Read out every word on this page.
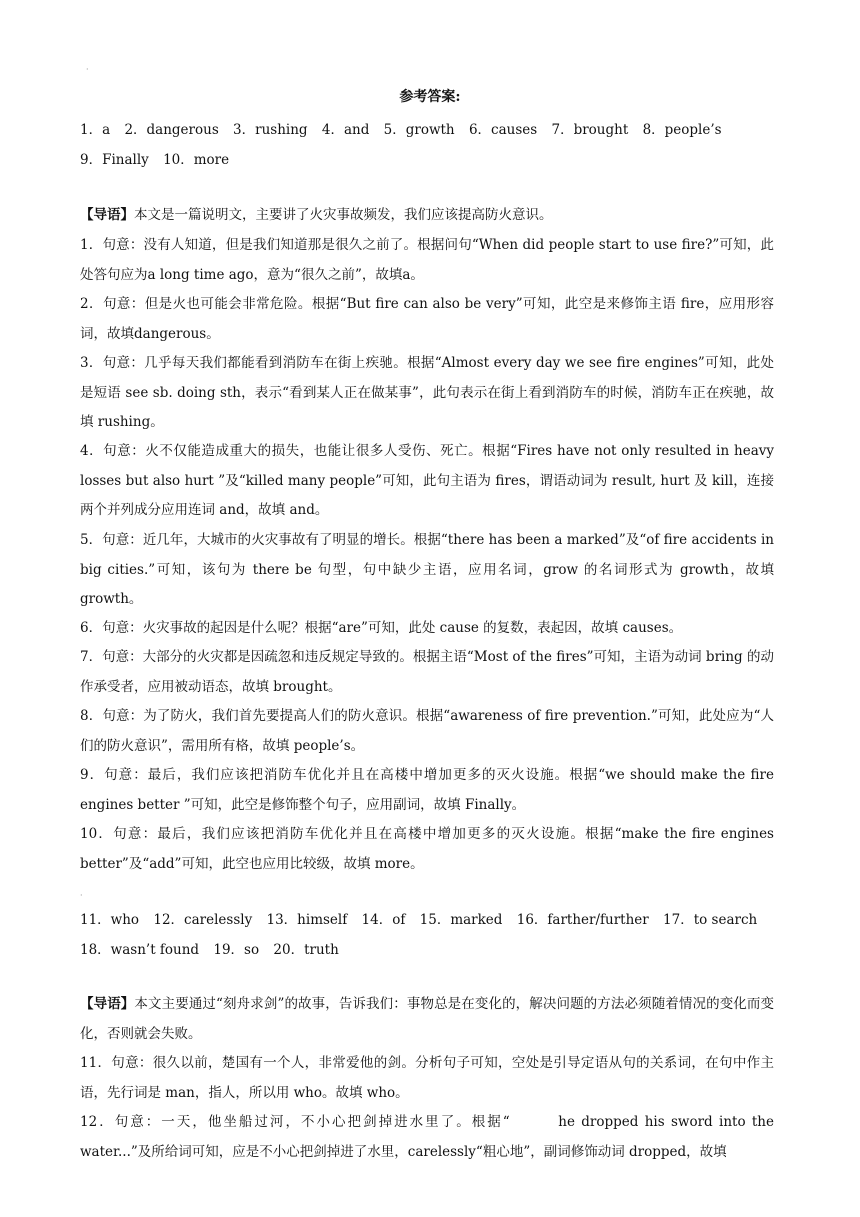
·
参考答案:
1．a 2．dangerous 3．rushing 4．and 5．growth 6．causes 7．brought 8．people’s 9．Finally 10．more
【导语】本文是一篇说明文，主要讲了火灾事故频发，我们应该提高防火意识。
1．句意：没有人知道，但是我们知道那是很久之前了。根据问句“When did people start to use fire?”可知，此处答句应为a long time ago，意为“很久之前”，故填a。
2．句意：但是火也可能会非常危险。根据“But fire can also be very”可知，此空是来修饰主语 fire，应用形容词，故填dangerous。
3．句意：几乎每天我们都能看到消防车在街上疾驰。根据“Almost every day we see fire engines”可知，此处是短语 see sb. doing sth，表示“看到某人正在做某事”，此句表示在街上看到消防车的时候，消防车正在疾驰，故填 rushing。
4．句意：火不仅能造成重大的损失，也能让很多人受伤、死亡。根据“Fires have not only resulted in heavy losses but also hurt ”及“killed many people”可知，此句主语为 fires，谓语动词为 result, hurt 及 kill，连接两个并列成分应用连词 and，故填 and。
5．句意：近几年，大城市的火灾事故有了明显的增长。根据“there has been a marked”及“of fire accidents in big cities.”可知，该句为 there be 句型，句中缺少主语，应用名词，grow 的名词形式为 growth，故填 growth。
6．句意：火灾事故的起因是什么呢？根据“are”可知，此处 cause 的复数，表起因，故填 causes。
7．句意：大部分的火灾都是因疏忽和违反规定导致的。根据主语“Most of the fires”可知，主语为动词 bring 的动作承受者，应用被动语态，故填 brought。
8．句意：为了防火，我们首先要提高人们的防火意识。根据“awareness of fire prevention.”可知，此处应为“人们的防火意识”，需用所有格，故填 people’s。
9．句意：最后，我们应该把消防车优化并且在高楼中增加更多的灭火设施。根据“we should make the fire engines better ”可知，此空是修饰整个句子，应用副词，故填 Finally。
10．句意：最后，我们应该把消防车优化并且在高楼中增加更多的灭火设施。根据“make the fire engines better”及“add”可知，此空也应用比较级，故填 more。
·
11．who 12．carelessly 13．himself 14．of 15．marked 16．farther/further 17．to search 18．wasn’t found 19．so 20．truth
【导语】本文主要通过“刻舟求剑”的故事，告诉我们：事物总是在变化的，解决问题的方法必须随着情况的变化而变化，否则就会失败。
11．句意：很久以前，楚国有一个人，非常爱他的剑。分析句子可知，空处是引导定语从句的关系词，在句中作主语，先行词是 man，指人，所以用 who。故填 who。
12．句意：一天，他坐船过河，不小心把剑掉进水里了。根据“　　　he dropped his sword into the water...”及所给词可知，应是不小心把剑掉进了水里，carelessly“粗心地”，副词修饰动词 dropped，故填
